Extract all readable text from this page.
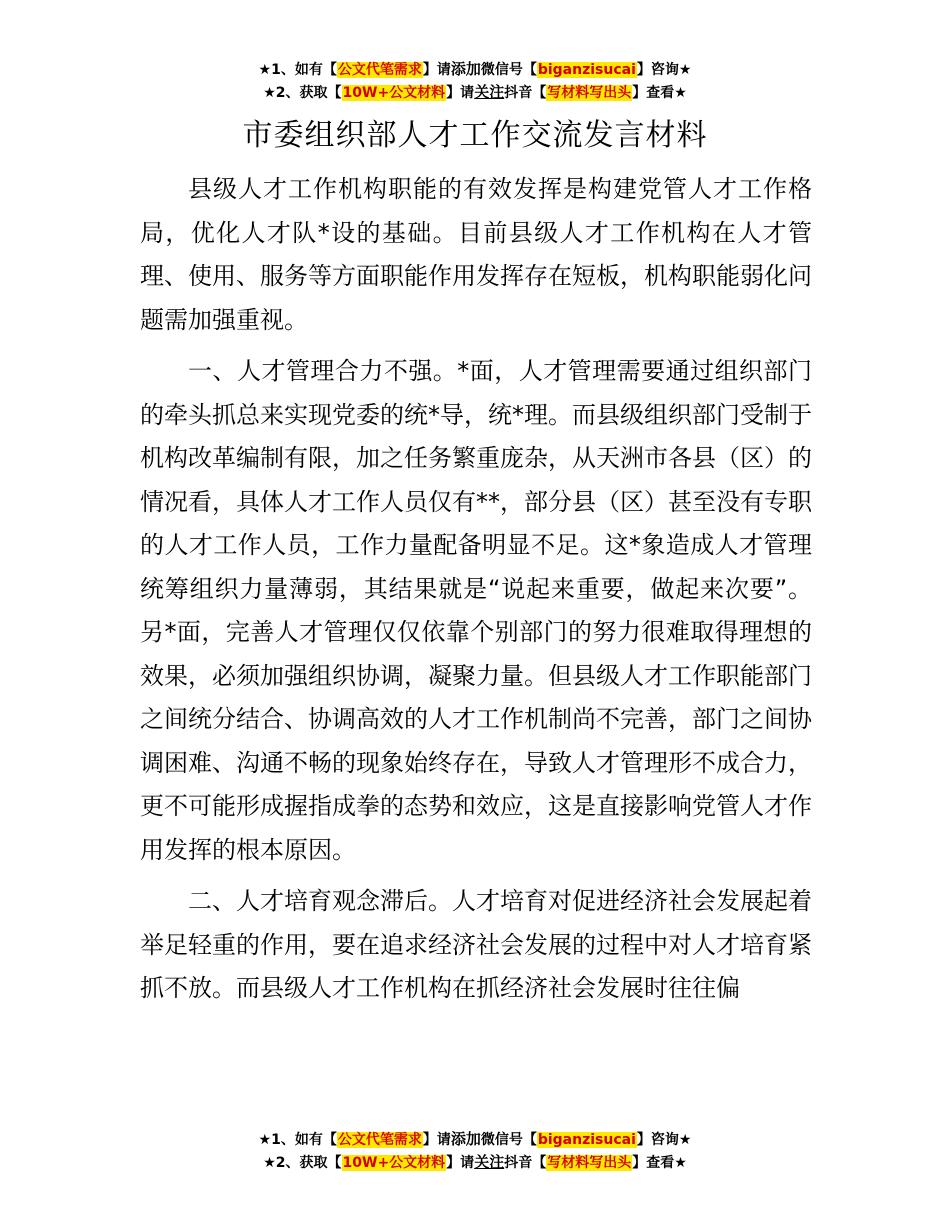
★1、如有【公文代笔需求】请添加微信号【biganzisucai】咨询★
★2、获取【10W+公文材料】请关注抖音【写材料写出头】查看★
市委组织部人才工作交流发言材料

县级人才工作机构职能的有效发挥是构建党管人才工作格局，优化人才队*设的基础。目前县级人才工作机构在人才管理、使用、服务等方面职能作用发挥存在短板，机构职能弱化问题需加强重视。

一、人才管理合力不强。*面，人才管理需要通过组织部门的牵头抓总来实现党委的统*导，统*理。而县级组织部门受制于机构改革编制有限，加之任务繁重庞杂，从天洲市各县（区）的情况看，具体人才工作人员仅有**，部分县（区）甚至没有专职的人才工作人员，工作力量配备明显不足。这*象造成人才管理统筹组织力量薄弱，其结果就是“说起来重要，做起来次要”。另*面，完善人才管理仅仅依靠个别部门的努力很难取得理想的效果，必须加强组织协调，凝聚力量。但县级人才工作职能部门之间统分结合、协调高效的人才工作机制尚不完善，部门之间协调困难、沟通不畅的现象始终存在，导致人才管理形不成合力，更不可能形成握指成拳的态势和效应，这是直接影响党管人才作用发挥的根本原因。

二、人才培育观念滞后。人才培育对促进经济社会发展起着举足轻重的作用，要在追求经济社会发展的过程中对人才培育紧抓不放。而县级人才工作机构在抓经济社会发展时往往偏

★1、如有【公文代笔需求】请添加微信号【biganzisucai】咨询★
★2、获取【10W+公文材料】请关注抖音【写材料写出头】查看★
